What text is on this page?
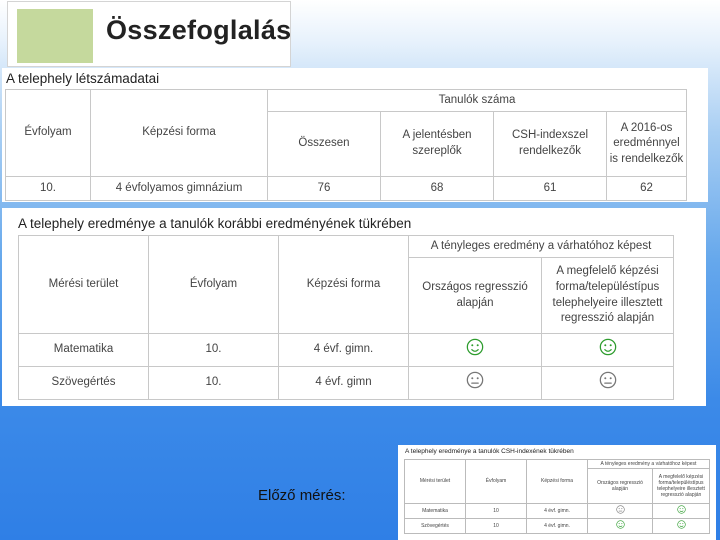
Összefoglalás
A telephely létszámadatai
Évfolyam	Képzési forma	Tanulók száma			
		Összesen	A jelentésben szereplők	CSH-indexszel rendelkezők	A 2016-os eredménnyel is rendelkezők
10.	4 évfolyamos gimnázium	76	68	61	62
A telephely eredménye a tanulók korábbi eredményének tükrében
Mérési terület	Évfolyam	Képzési forma	A tényleges eredmény a várhatóhoz képest	
			Országos regresszió alapján	A megfelelő képzési forma/településtípus telephelyeire illesztett regresszió alapján
Matematika	10.	4 évf. gimn.	

Szövegértés	10.	4 évf. gimn	

Előző mérés:
A telephely eredménye a tanulók CSH-indexének tükrében
Mérési terület	Évfolyam	Képzési forma	A tényleges eredmény a várhatóhoz képest	
			Országos regresszió alapján	A megfelelő képzési forma/településtípus telephelyeire illesztett regresszió alapján
Matematika	10	4 évf. gimn.	

Szövegértés	10	4 évf. gimn.	
